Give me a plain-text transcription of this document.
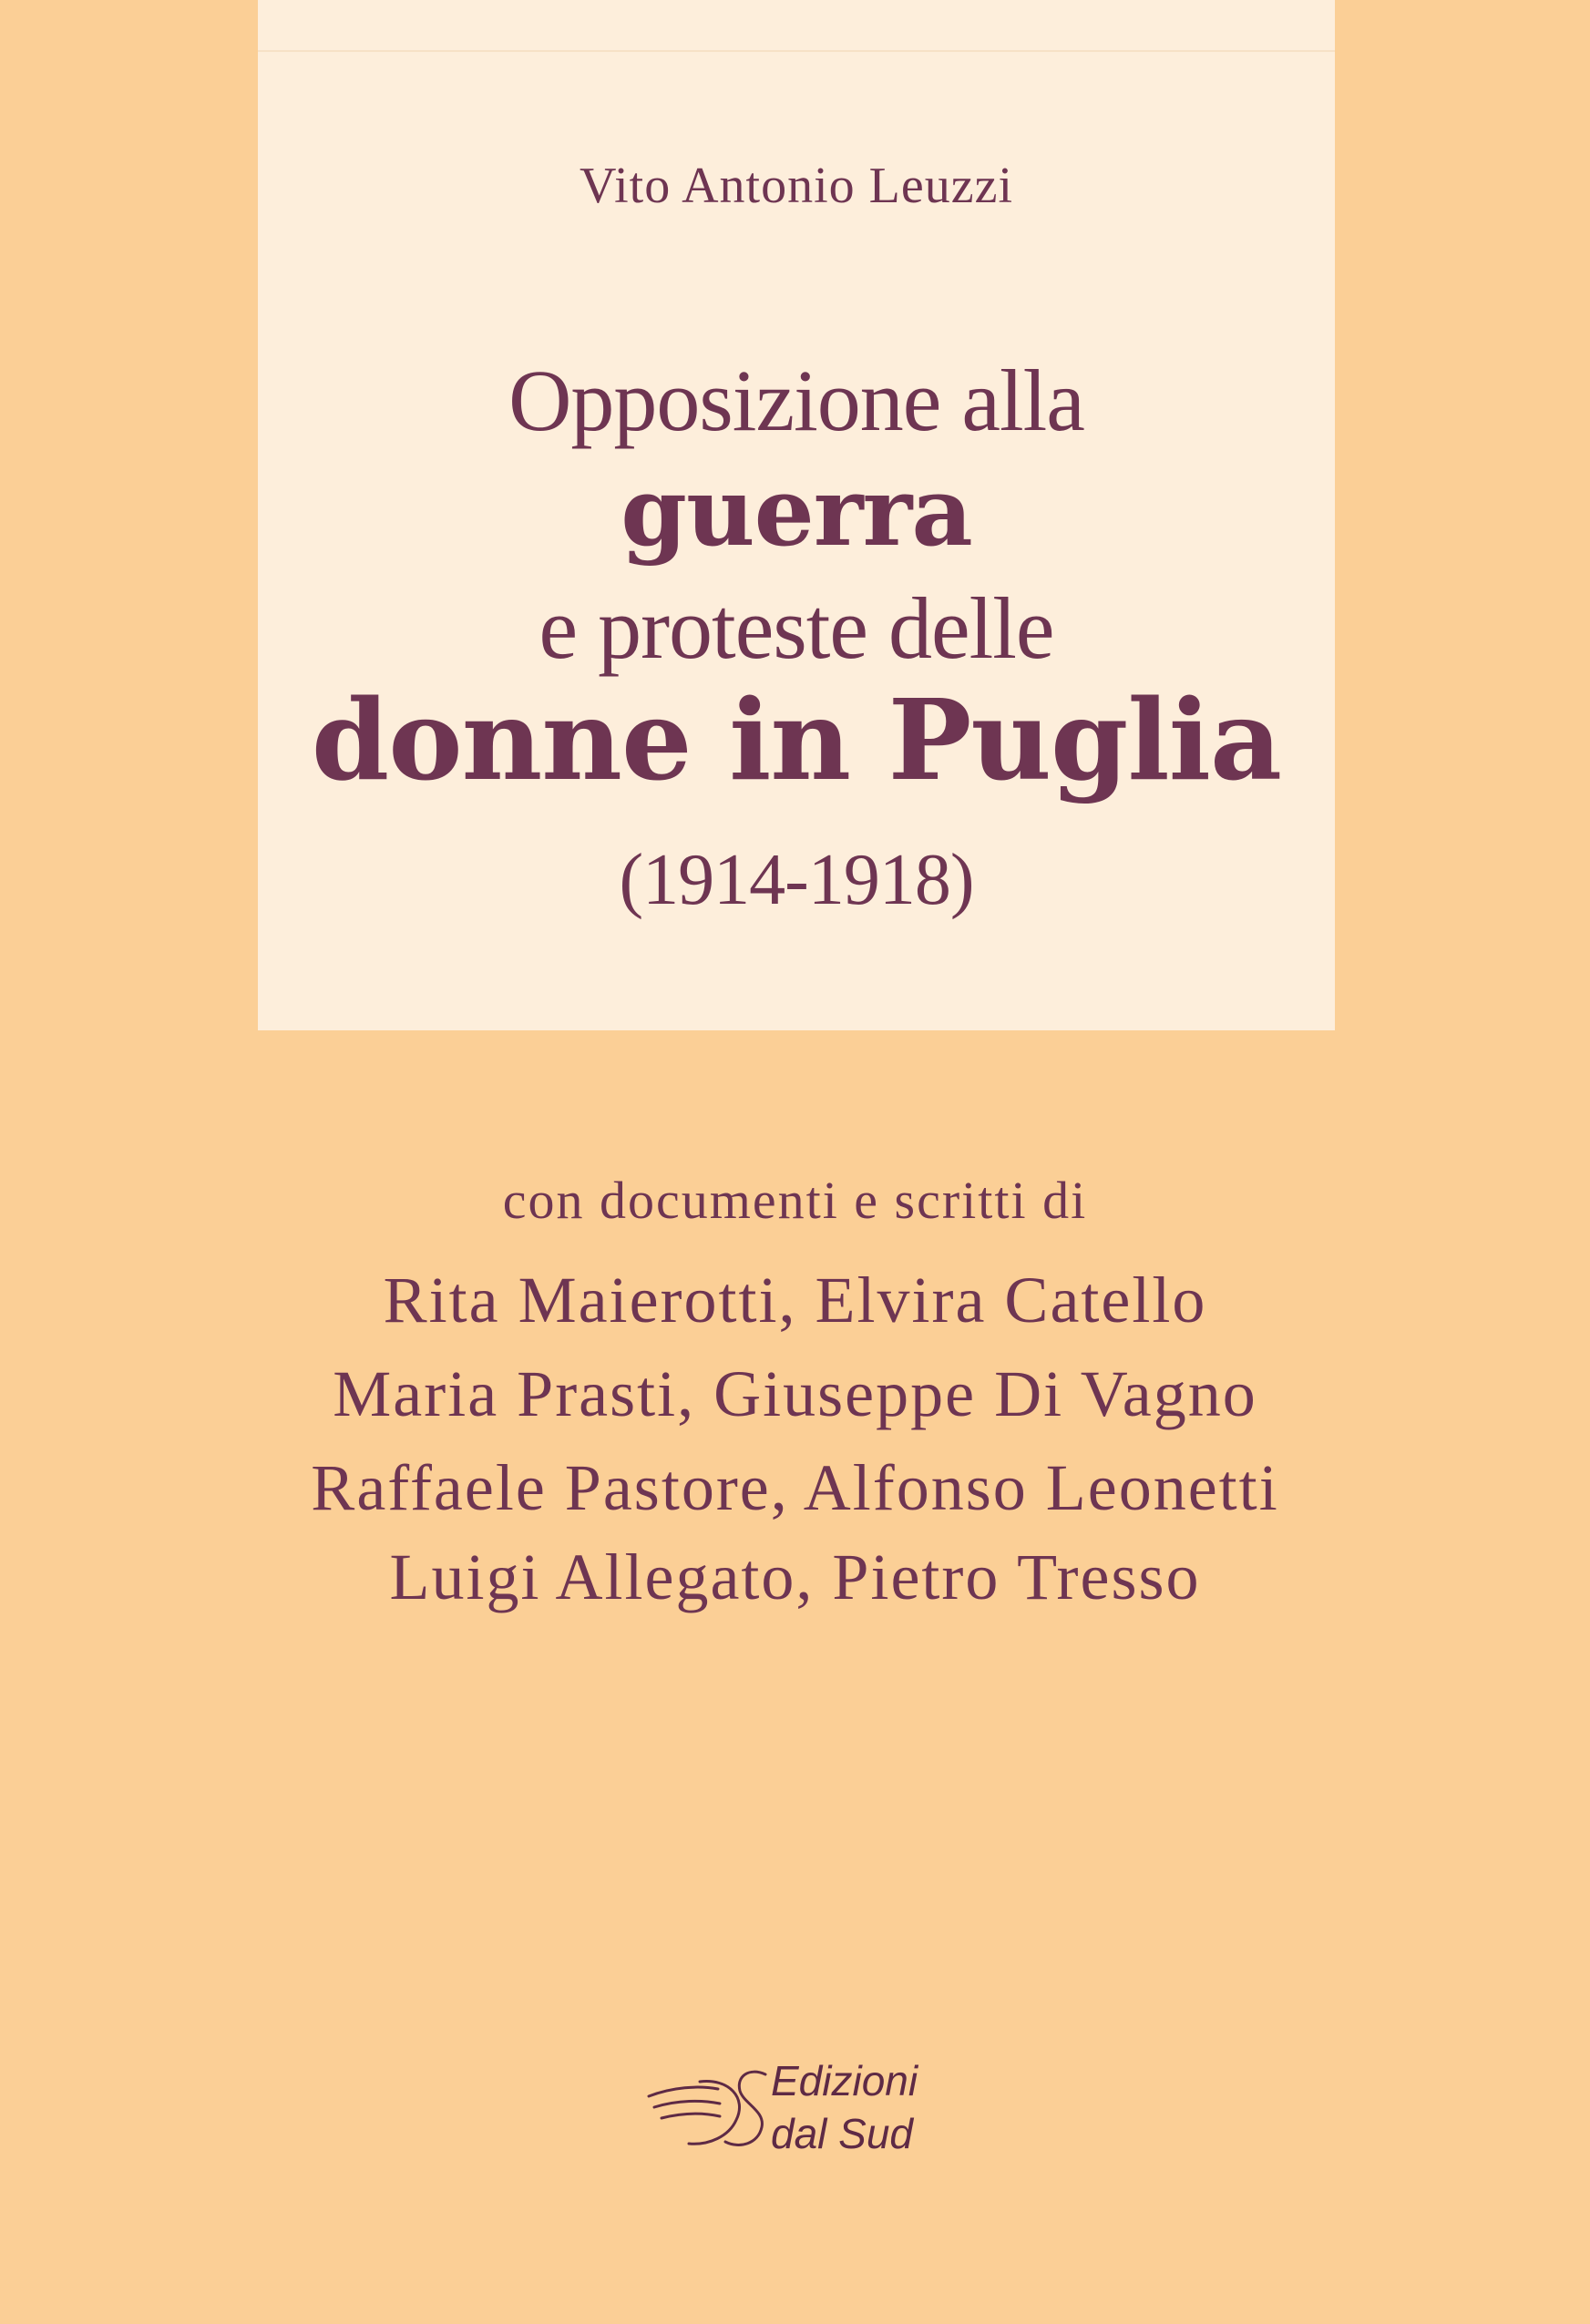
Vito Antonio Leuzzi

Opposizione alla

guerra

e proteste delle

donne in Puglia

(1914-1918)

con documenti e scritti di

Rita Maierotti, Elvira Catello

Maria Prasti, Giuseppe Di Vagno

Raffaele Pastore, Alfonso Leonetti

Luigi Allegato, Pietro Tresso

Edizioni
dal Sud
